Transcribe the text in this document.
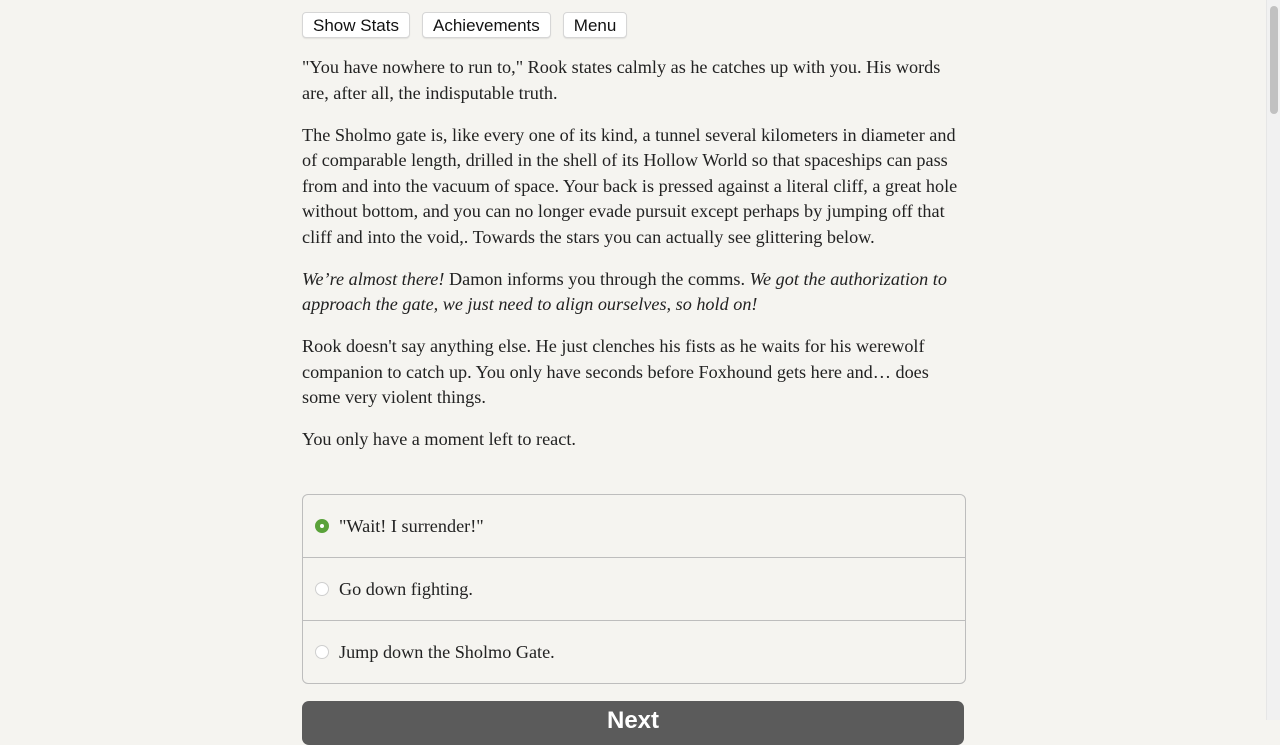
Show Stats	Achievements	Menu

"You have nowhere to run to," Rook states calmly as he catches up with you. His words are, after all, the indisputable truth.

The Sholmo gate is, like every one of its kind, a tunnel several kilometers in diameter and of comparable length, drilled in the shell of its Hollow World so that spaceships can pass from and into the vacuum of space. Your back is pressed against a literal cliff, a great hole without bottom, and you can no longer evade pursuit except perhaps by jumping off that cliff and into the void,. Towards the stars you can actually see glittering below.

We’re almost there! Damon informs you through the comms. We got the authorization to approach the gate, we just need to align ourselves, so hold on!

Rook doesn't say anything else. He just clenches his fists as he waits for his werewolf companion to catch up. You only have seconds before Foxhound gets here and… does some very violent things.

You only have a moment left to react.

"Wait! I surrender!"
Go down fighting.
Jump down the Sholmo Gate.
Next
